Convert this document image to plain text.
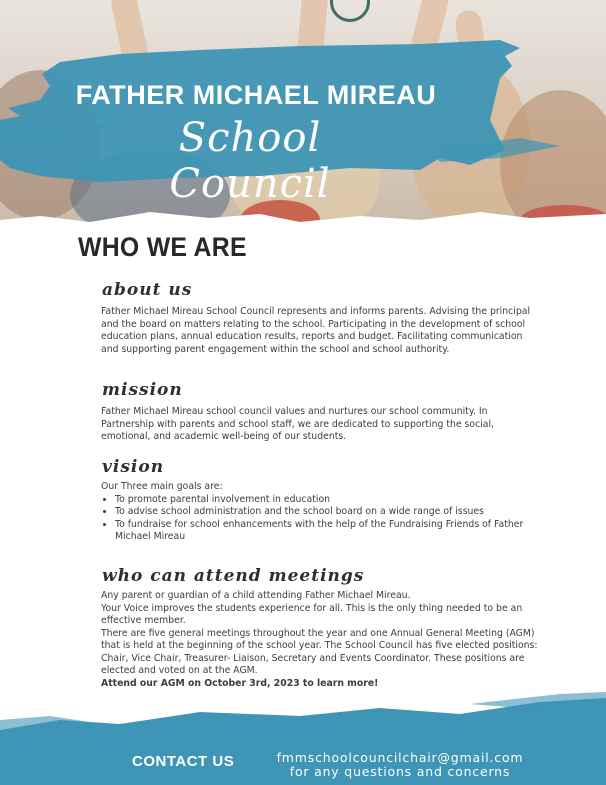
FATHER MICHAEL MIREAU
School Council
WHO WE ARE
about us
Father Michael Mireau School Council represents and informs parents. Advising the principal and the board on matters relating to the school. Participating in the development of school education plans, annual education results, reports and budget. Facilitating communication and supporting parent engagement within the school and school authority.
mission
Father Michael Mireau school council values and nurtures our school community. In Partnership with parents and school staff, we are dedicated to supporting the social, emotional, and academic well-being of our students.
vision

Our Three main goals are:

• To promote parental involvement in education
• To advise school administration and the school board on a wide range of issues
• To fundraise for school enhancements with the help of the Fundraising Friends of Father Michael Mireau
who can attend meetings

Any parent or guardian of a child attending Father Michael Mireau.

Your Voice improves the students experience for all. This is the only thing needed to be an effective member.

There are five general meetings throughout the year and one Annual General Meeting (AGM) that is held at the beginning of the school year. The School Council has five elected positions: Chair, Vice Chair, Treasurer- Liaison, Secretary and Events Coordinator. These positions are elected and voted on at the AGM.

Attend our AGM on October 3rd, 2023 to learn more!

CONTACT US	fmmschoolcouncilchair@gmail.com
for any questions and concerns
